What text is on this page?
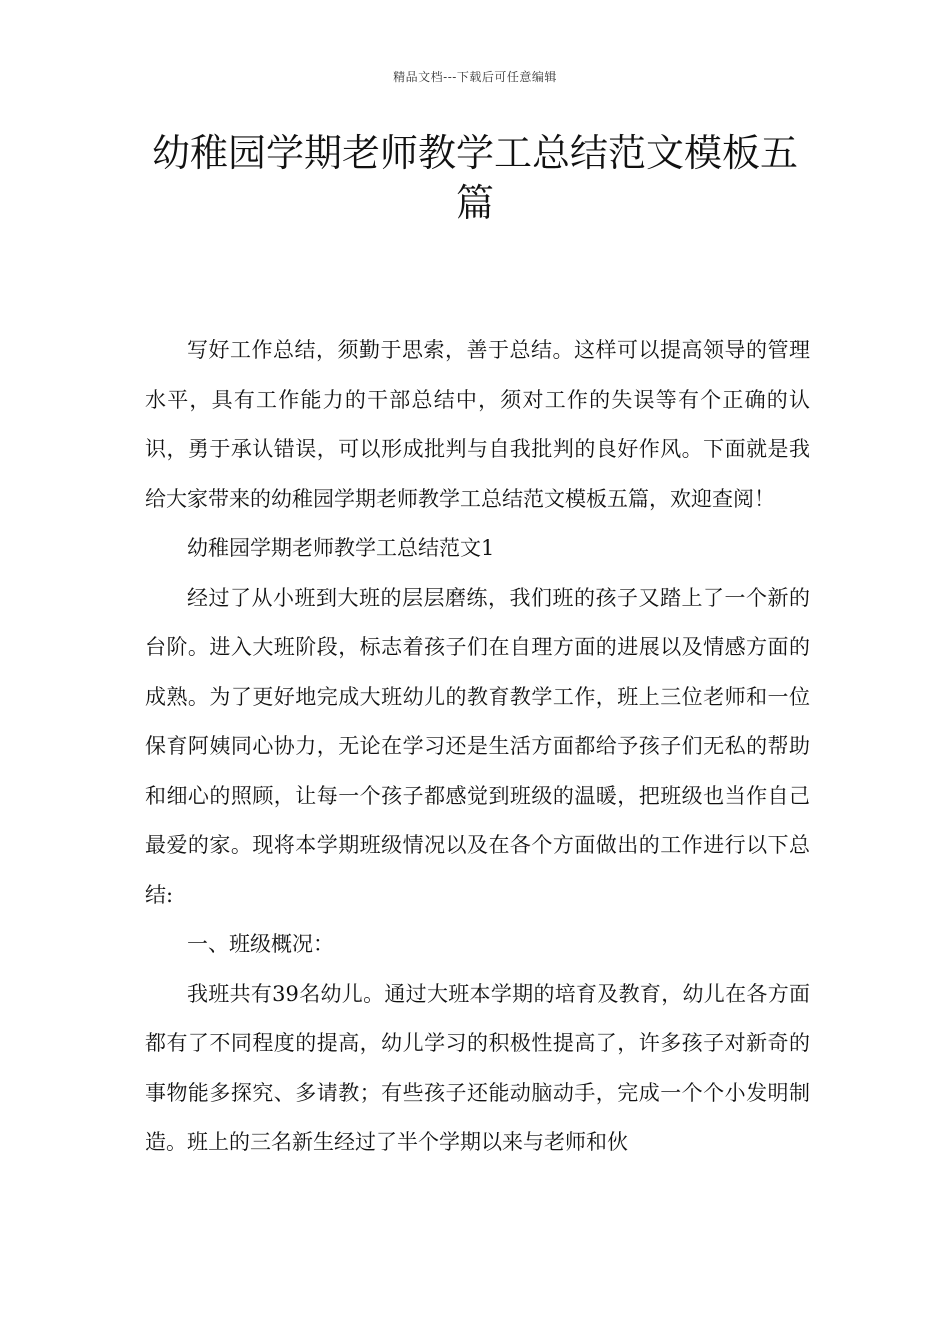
精品文档---下载后可任意编辑
幼稚园学期老师教学工总结范文模板五篇

写好工作总结，须勤于思索，善于总结。这样可以提高领导的管理水平，具有工作能力的干部总结中，须对工作的失误等有个正确的认识，勇于承认错误，可以形成批判与自我批判的良好作风。下面就是我给大家带来的幼稚园学期老师教学工总结范文模板五篇，欢迎查阅！

幼稚园学期老师教学工总结范文1

经过了从小班到大班的层层磨练，我们班的孩子又踏上了一个新的台阶。进入大班阶段，标志着孩子们在自理方面的进展以及情感方面的成熟。为了更好地完成大班幼儿的教育教学工作，班上三位老师和一位保育阿姨同心协力，无论在学习还是生活方面都给予孩子们无私的帮助和细心的照顾，让每一个孩子都感觉到班级的温暖，把班级也当作自己最爱的家。现将本学期班级情况以及在各个方面做出的工作进行以下总结:

一、班级概况：

我班共有39名幼儿。通过大班本学期的培育及教育，幼儿在各方面都有了不同程度的提高，幼儿学习的积极性提高了，许多孩子对新奇的事物能多探究、多请教；有些孩子还能动脑动手，完成一个个小发明制造。班上的三名新生经过了半个学期以来与老师和伙
